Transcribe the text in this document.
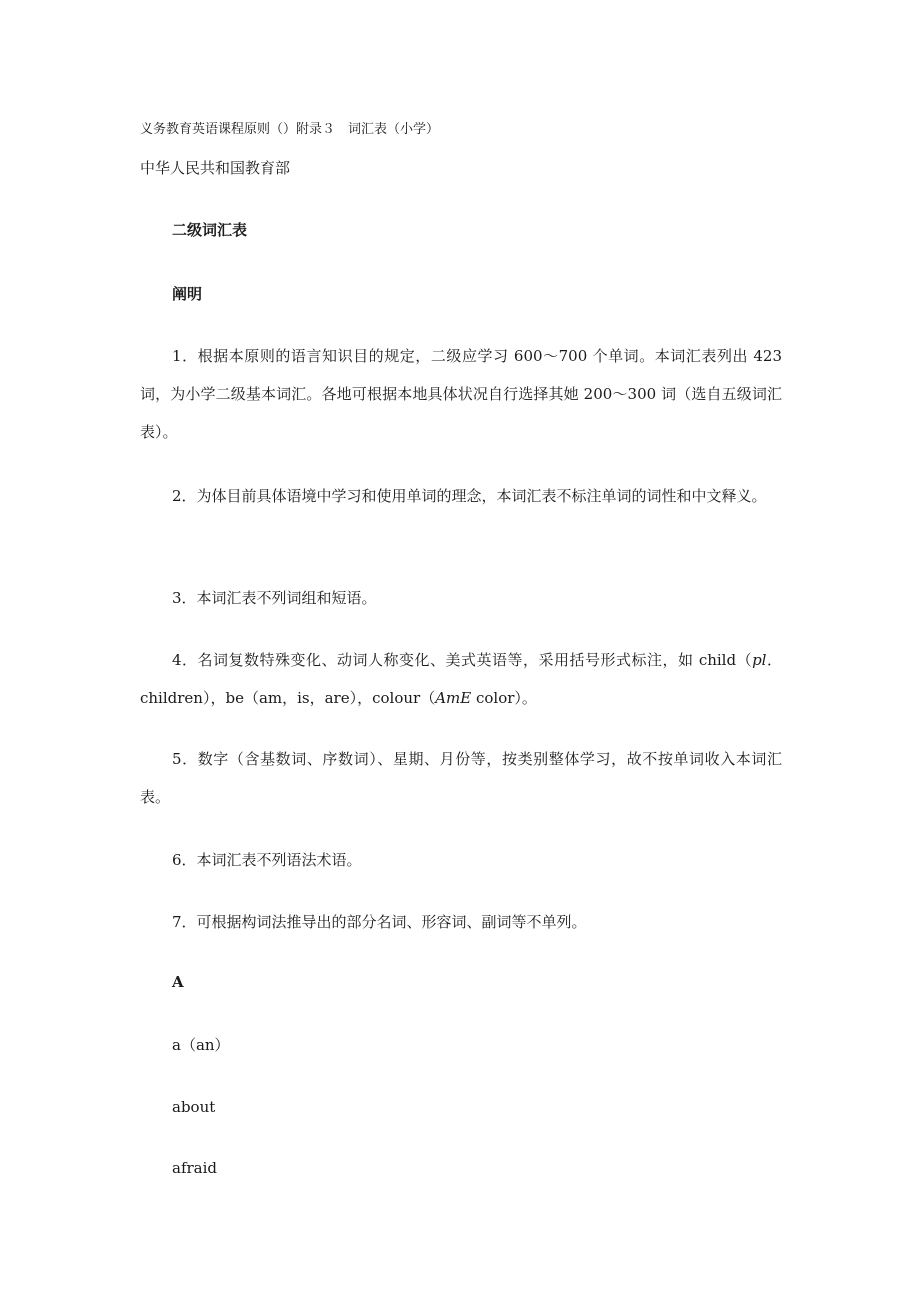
义务教育英语课程原则（）附录３　词汇表（小学）
中华人民共和国教育部
二级词汇表
阐明
1．根据本原则的语言知识目的规定，二级应学习 600～700 个单词。本词汇表列出 423 词，为小学二级基本词汇。各地可根据本地具体状况自行选择其她 200～300 词（选自五级词汇表）。
2．为体目前具体语境中学习和使用单词的理念，本词汇表不标注单词的词性和中文释义。
3．本词汇表不列词组和短语。
4．名词复数特殊变化、动词人称变化、美式英语等，采用括号形式标注，如 child（pl．children），be（am，is，are），colour（AmE color）。
5．数字（含基数词、序数词）、星期、月份等，按类别整体学习，故不按单词收入本词汇表。
6．本词汇表不列语法术语。
7．可根据构词法推导出的部分名词、形容词、副词等不单列。
A
a（an）
about
afraid
